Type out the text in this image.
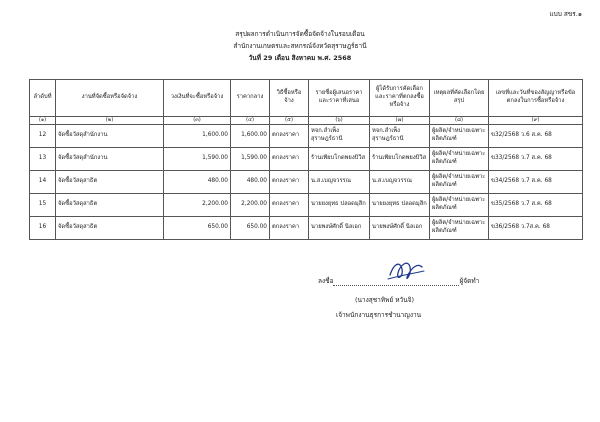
แบบ สขร.๑
สรุปผลการดำเนินการจัดซื้อจัดจ้างในรอบเดือน
สำนักงานเกษตรและสหกรณ์จังหวัดสุราษฎร์ธานี
วันที่ 29 เดือน สิงหาคม พ.ศ. 2568
ลำดับที่	งานที่จัดซื้อหรือจัดจ้าง	วงเงินที่จะซื้อหรือจ้าง	ราคากลาง	วิธีซื้อหรือจ้าง	รายชื่อผู้เสนอราคาและราคาที่เสนอ	ผู้ได้รับการคัดเลือกและราคาที่ตกลงซื้อหรือจ้าง	เหตุผลที่คัดเลือกโดยสรุป	เลขที่และวันที่ของสัญญาหรือข้อตกลงในการซื้อหรือจ้าง
(๑)	(๒)	(๓)	(๔)	(๕)	(๖)	(๗)	(๘)	(๙)
12	จัดซื้อวัสดุสำนักงาน	1,600.00	1,600.00	ตกลงราคา	หจก.สำเพ็งสุราษฎร์ธานี	หจก.สำเพ็งสุราษฎร์ธานี	ผู้ผลิต/จำหน่ายเฉพาะผลิตภัณฑ์	ข32/2568 ว.6 ส.ค. 68
13	จัดซื้อวัสดุสำนักงาน	1,590.00	1,590.00	ตกลงราคา	ร้านเพียบโกดพยงบิวิส	ร้านเพียบโกดพยงบิวิส	ผู้ผลิต/จำหน่ายเฉพาะผลิตภัณฑ์	ข33/2568 ว.7 ส.ค. 68
14	จัดซื้อวัสดุสาธิต	480.00	480.00	ตกลงราคา	น.ส.เบญจวรรณ	น.ส.เบญจวรรณ	ผู้ผลิต/จำหน่ายเฉพาะผลิตภัณฑ์	ข34/2568 ว.7 ส.ค. 68
15	จัดซื้อวัสดุสาธิต	2,200.00	2,200.00	ตกลงราคา	นายยงยุทธ ปลอดมุสิก	นายยงยุทธ ปลอดมุสิก	ผู้ผลิต/จำหน่ายเฉพาะผลิตภัณฑ์	ข35/2568 ว.7 ส.ค. 68
16	จัดซื้อวัสดุสาธิต	650.00	650.00	ตกลงราคา	นายพงษ์ศักดิ์ นิลเอก	นายพงษ์ศักดิ์ นิลเอก	ผู้ผลิต/จำหน่ายเฉพาะผลิตภัณฑ์	ข36/2568 ว.7ส.ค. 68
ลงชื่อ	ผู้จัดทำ
(นางสุชาทิพย์ หวันจิ)
เจ้าพนักงานธุรการชำนาญงาน
